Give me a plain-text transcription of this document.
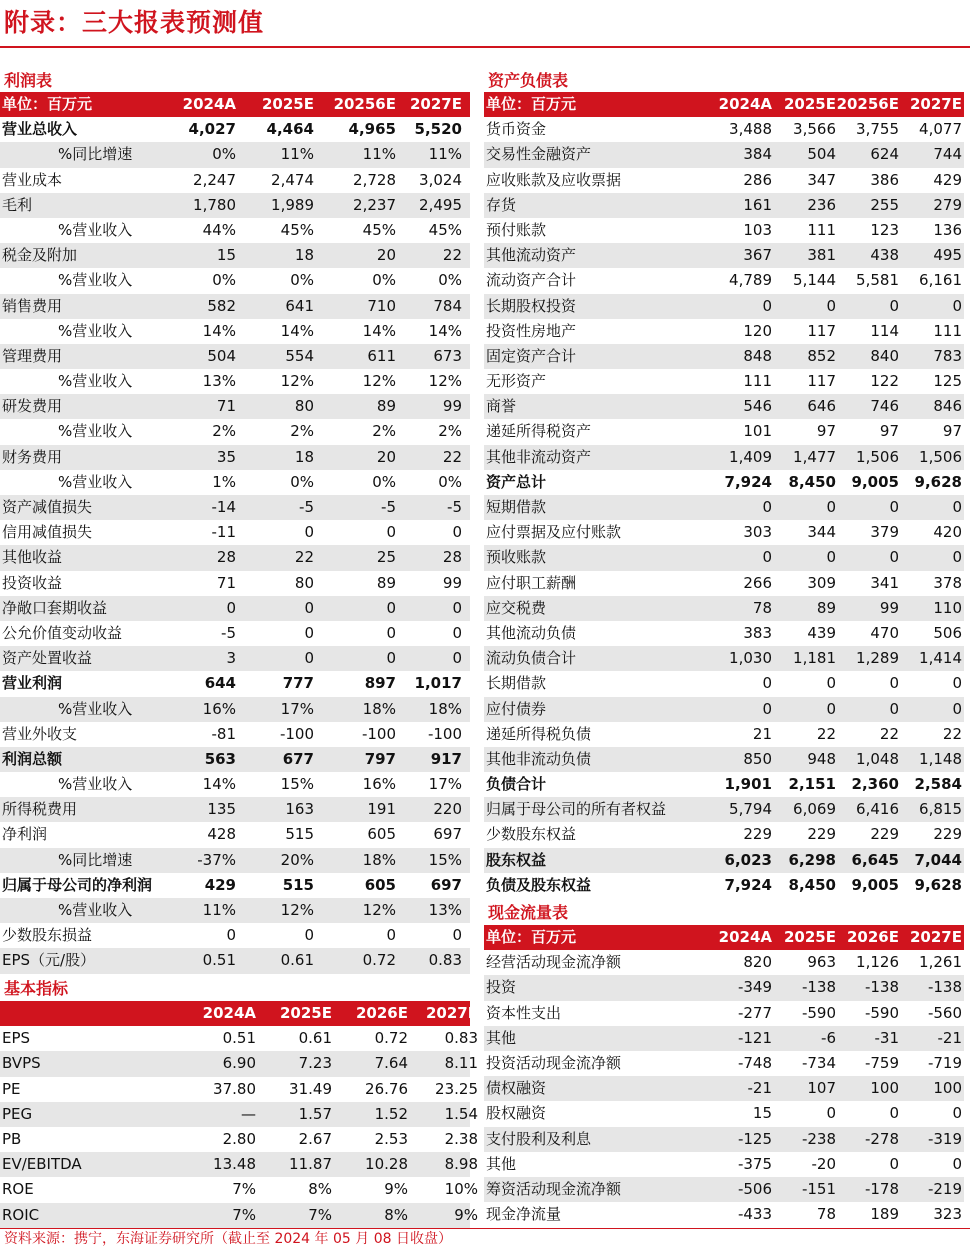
附录：三大报表预测值
利润表
单位：百万元	2024A	2025E	20256E 2027E
营业总收入	4,027	4,464	4,965	5,520
%同比增速	0%	11%	11%	11%
营业成本	2,247	2,474	2,728	3,024
毛利	1,780	1,989	2,237	2,495
%营业收入	44%	45%	45%	45%
税金及附加	15	18	20	22
%营业收入	0%	0%	0%	0%
销售费用	582	641	710	784
%营业收入	14%	14%	14%	14%
管理费用	504	554	611	673
%营业收入	13%	12%	12%	12%
研发费用	71	80	89	99
%营业收入	2%	2%	2%	2%
财务费用	35	18	20	22
%营业收入	1%	0%	0%	0%
资产减值损失	-14	-5	-5	-5
信用减值损失	-11	0	0	0
其他收益	28	22	25	28
投资收益	71	80	89	99
净敞口套期收益	0	0	0	0
公允价值变动收益	-5	0	0	0
资产处置收益	3	0	0	0
营业利润	644	777	897	1,017
%营业收入	16%	17%	18%	18%
营业外收支	-81	-100	-100	-100
利润总额	563	677	797	917
%营业收入	14%	15%	16%	17%
所得税费用	135	163	191	220
净利润	428	515	605	697
%同比增速	-37%	20%	18%	15%
归属于母公司的净利润	429	515	605	697
%营业收入	11%	12%	12%	13%
少数股东损益	0	0	0	0
EPS（元/股）	0.51	0.61	0.72	0.83
基本指标
2024A	2025E	2026E	2027E
EPS	0.51	0.61	0.72	0.83
BVPS	6.90	7.23	7.64	8.11
PE	37.80	31.49	26.76	23.25
PEG	—	1.57	1.52	1.54
PB	2.80	2.67	2.53	2.38
EV/EBITDA	13.48	11.87	10.28	8.98
ROE	7%	8%	9%	10%
ROIC	7%	7%	8%	9%
资产负债表
单位：百万元	2024A 2025E 20256E 2027E
货币资金	3,488	3,566	3,755	4,077
交易性金融资产	384	504	624	744
应收账款及应收票据	286	347	386	429
存货	161	236	255	279
预付账款	103	111	123	136
其他流动资产	367	381	438	495
流动资产合计	4,789	5,144	5,581	6,161
长期股权投资	0	0	0	0
投资性房地产	120	117	114	111
固定资产合计	848	852	840	783
无形资产	111	117	122	125
商誉	546	646	746	846
递延所得税资产	101	97	97	97
其他非流动资产	1,409	1,477	1,506	1,506
资产总计	7,924	8,450	9,005	9,628
短期借款	0	0	0	0
应付票据及应付账款	303	344	379	420
预收账款	0	0	0	0
应付职工薪酬	266	309	341	378
应交税费	78	89	99	110
其他流动负债	383	439	470	506
流动负债合计	1,030	1,181	1,289	1,414
长期借款	0	0	0	0
应付债券	0	0	0	0
递延所得税负债	21	22	22	22
其他非流动负债	850	948	1,048	1,148
负债合计	1,901	2,151	2,360	2,584
归属于母公司的所有者权益	5,794	6,069	6,416	6,815
少数股东权益	229	229	229	229
股东权益	6,023	6,298	6,645	7,044
负债及股东权益	7,924	8,450	9,005	9,628
现金流量表
单位：百万元	2024A 2025E 2026E 2027E
经营活动现金流净额	820	963	1,126	1,261
投资	-349	-138	-138	-138
资本性支出	-277	-590	-590	-560
其他	-121	-6	-31	-21
投资活动现金流净额	-748	-734	-759	-719
债权融资	-21	107	100	100
股权融资	15	0	0	0
支付股利及利息	-125	-238	-278	-319
其他	-375	-20	0	0
筹资活动现金流净额	-506	-151	-178	-219
现金净流量	-433	78	189	323
资料来源：携宁，东海证券研究所（截止至 2024 年 05 月 08 日收盘）
